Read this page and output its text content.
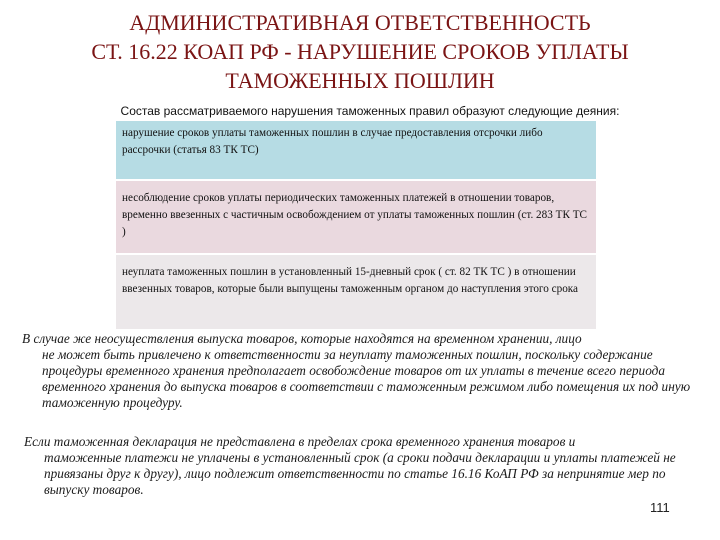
АДМИНИСТРАТИВНАЯ ОТВЕТСТВЕННОСТЬ
СТ. 16.22 КОАП РФ - НАРУШЕНИЕ СРОКОВ УПЛАТЫ
ТАМОЖЕННЫХ ПОШЛИН
Состав рассматриваемого нарушения таможенных правил образуют следующие деяния:
нарушение сроков уплаты таможенных пошлин в случае предоставления отсрочки либо рассрочки (статья 83 ТК ТС)
несоблюдение сроков уплаты периодических таможенных платежей в отношении товаров, временно ввезенных с частичным освобождением от уплаты таможенных пошлин (ст. 283 ТК ТС )
неуплата таможенных пошлин в установленный 15-дневный срок ( ст. 82 ТК ТС ) в отношении ввезенных товаров, которые были выпущены таможенным органом до наступления этого срока
В случае же неосуществления выпуска товаров, которые находятся на временном хранении, лицо
не может быть привлечено к ответственности за неуплату таможенных пошлин, поскольку содержание процедуры временного хранения предполагает освобождение товаров от их уплаты в течение всего периода временного хранения до выпуска товаров в соответствии с таможенным режимом либо помещения их под иную таможенную процедуру.
Если таможенная декларация не представлена в пределах срока временного хранения товаров и
таможенные платежи не уплачены в установленный срок (а сроки подачи декларации и уплаты платежей не привязаны друг к другу), лицо подлежит ответственности по статье 16.16 КоАП РФ за непринятие мер по выпуску товаров.
111
